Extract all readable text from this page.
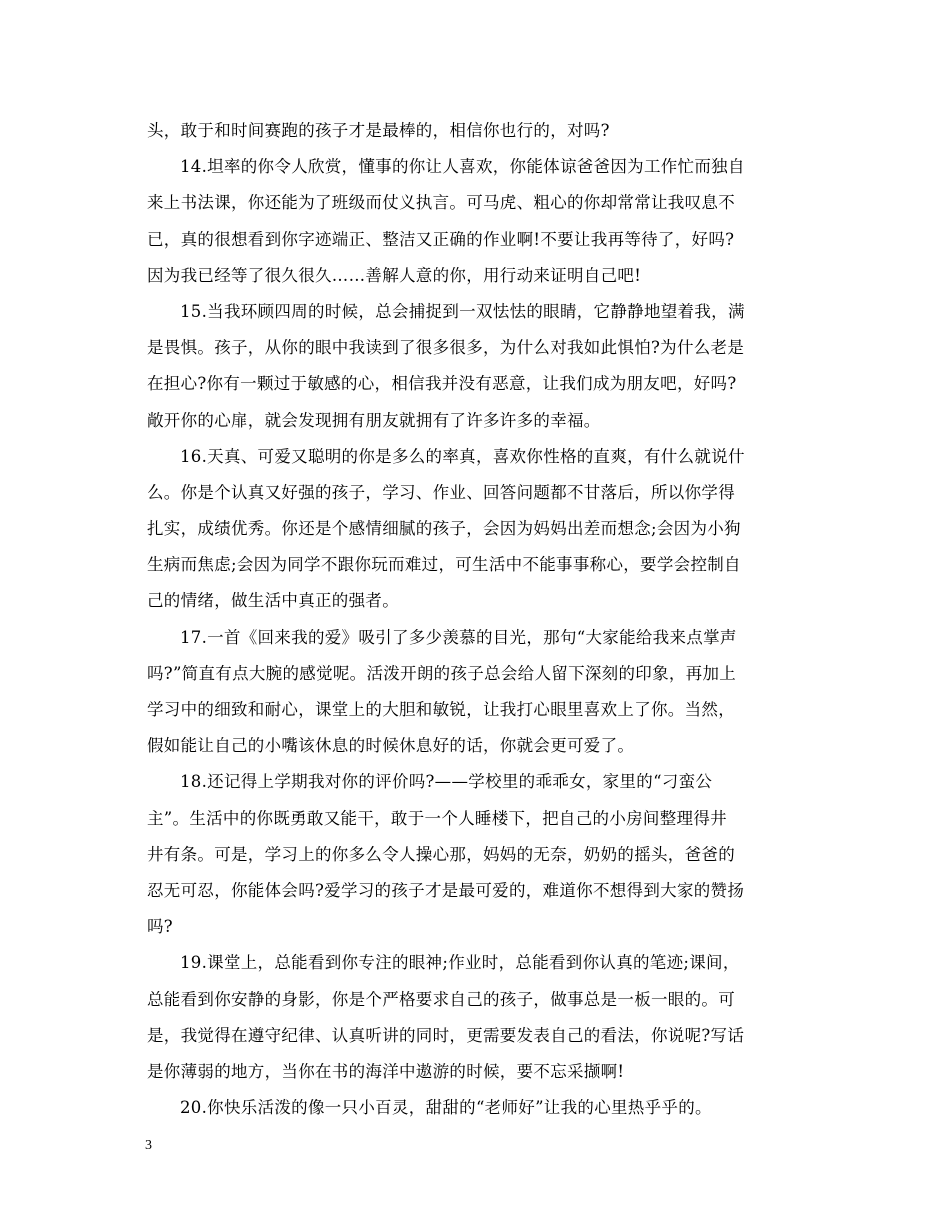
头，敢于和时间赛跑的孩子才是最棒的，相信你也行的，对吗?
14.坦率的你令人欣赏，懂事的你让人喜欢，你能体谅爸爸因为工作忙而独自
来上书法课，你还能为了班级而仗义执言。可马虎、粗心的你却常常让我叹息不
已，真的很想看到你字迹端正、整洁又正确的作业啊!不要让我再等待了，好吗?
因为我已经等了很久很久……善解人意的你，用行动来证明自己吧!
15.当我环顾四周的时候，总会捕捉到一双怯怯的眼睛，它静静地望着我，满
是畏惧。孩子，从你的眼中我读到了很多很多，为什么对我如此惧怕?为什么老是
在担心?你有一颗过于敏感的心，相信我并没有恶意，让我们成为朋友吧，好吗?
敞开你的心扉，就会发现拥有朋友就拥有了许多许多的幸福。
16.天真、可爱又聪明的你是多么的率真，喜欢你性格的直爽，有什么就说什
么。你是个认真又好强的孩子，学习、作业、回答问题都不甘落后，所以你学得
扎实，成绩优秀。你还是个感情细腻的孩子，会因为妈妈出差而想念;会因为小狗
生病而焦虑;会因为同学不跟你玩而难过，可生活中不能事事称心，要学会控制自
己的情绪，做生活中真正的强者。
17.一首《回来我的爱》吸引了多少羡慕的目光，那句“大家能给我来点掌声
吗?”简直有点大腕的感觉呢。活泼开朗的孩子总会给人留下深刻的印象，再加上
学习中的细致和耐心，课堂上的大胆和敏锐，让我打心眼里喜欢上了你。当然，
假如能让自己的小嘴该休息的时候休息好的话，你就会更可爱了。
18.还记得上学期我对你的评价吗?——学校里的乖乖女，家里的“刁蛮公
主”。生活中的你既勇敢又能干，敢于一个人睡楼下，把自己的小房间整理得井
井有条。可是，学习上的你多么令人操心那，妈妈的无奈，奶奶的摇头，爸爸的
忍无可忍，你能体会吗?爱学习的孩子才是最可爱的，难道你不想得到大家的赞扬
吗?
19.课堂上，总能看到你专注的眼神;作业时，总能看到你认真的笔迹;课间，
总能看到你安静的身影，你是个严格要求自己的孩子，做事总是一板一眼的。可
是，我觉得在遵守纪律、认真听讲的同时，更需要发表自己的看法，你说呢?写话
是你薄弱的地方，当你在书的海洋中遨游的时候，要不忘采撷啊!
20.你快乐活泼的像一只小百灵，甜甜的“老师好”让我的心里热乎乎的。
3
